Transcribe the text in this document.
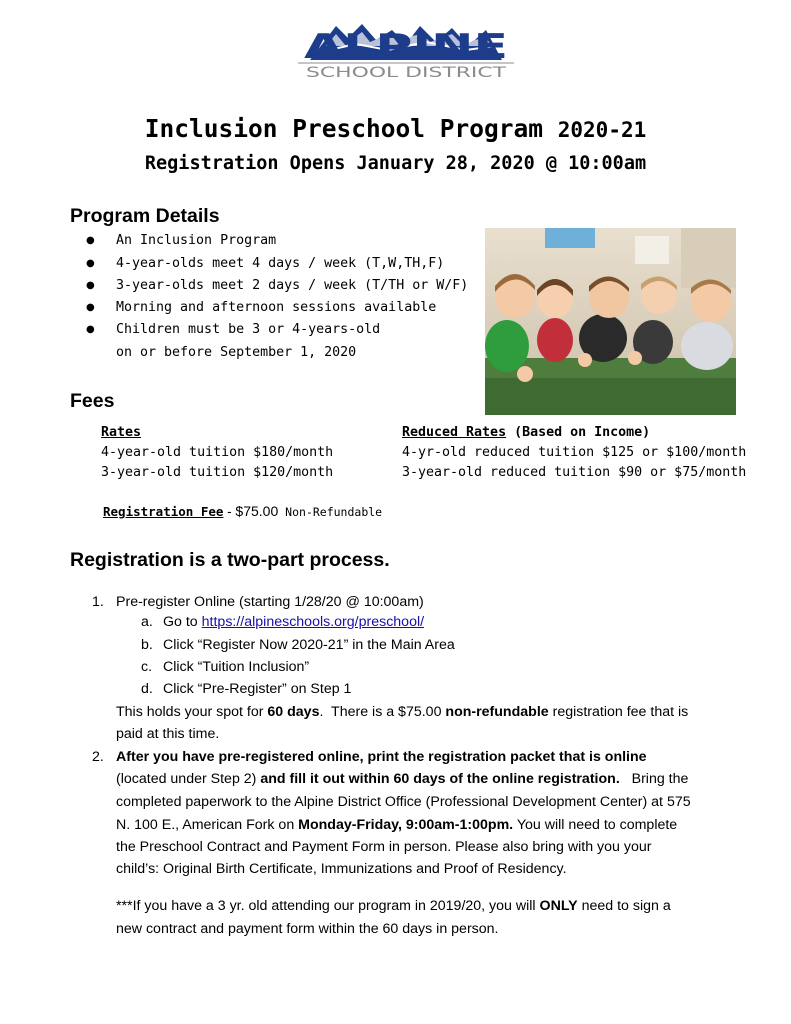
ALPINE
SCHOOL DISTRICT
Inclusion Preschool Program 2020-21
Registration Opens January 28, 2020 @ 10:00am
Program Details
● An Inclusion Program
● 4-year-olds meet 4 days / week (T,W,TH,F)
● 3-year-olds meet 2 days / week (T/TH or W/F)
● Morning and afternoon sessions available
● Children must be 3 or 4-years-old
on or before September 1, 2020
Fees
Rates
4-year-old tuition $180/month
3-year-old tuition $120/month
Reduced Rates (Based on Income)
4-yr-old reduced tuition $125 or $100/month
3-year-old reduced tuition $90 or $75/month
Registration Fee - $75.00 Non-Refundable
Registration is a two-part process.
1. Pre-register Online (starting 1/28/20 @ 10:00am)
a. Go to https://alpineschools.org/preschool/
b. Click “Register Now 2020-21” in the Main Area
c. Click “Tuition Inclusion”
d. Click “Pre-Register” on Step 1
This holds your spot for 60 days.  There is a $75.00 non-refundable registration fee that is
paid at this time.
2. After you have pre-registered online, print the registration packet that is online
(located under Step 2) and fill it out within 60 days of the online registration.   Bring the
completed paperwork to the Alpine District Office (Professional Development Center) at 575
N. 100 E., American Fork on Monday-Friday, 9:00am-1:00pm. You will need to complete
the Preschool Contract and Payment Form in person. Please also bring with you your
child’s: Original Birth Certificate, Immunizations and Proof of Residency.
***If you have a 3 yr. old attending our program in 2019/20, you will ONLY need to sign a
new contract and payment form within the 60 days in person.
